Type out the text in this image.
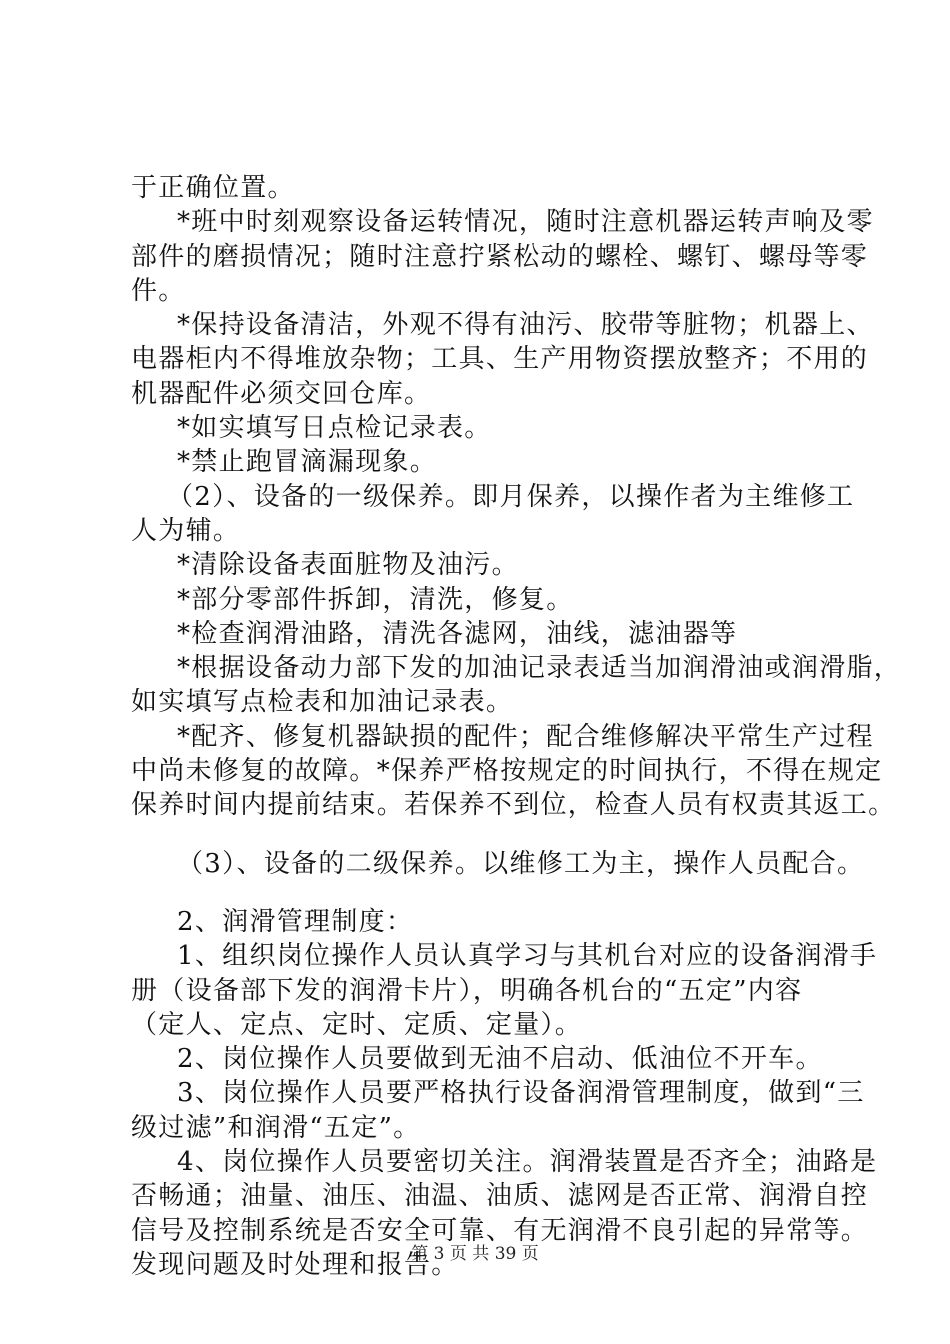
于正确位置。
*班中时刻观察设备运转情况，随时注意机器运转声响及零
部件的磨损情况；随时注意拧紧松动的螺栓、螺钉、螺母等零
件。
*保持设备清洁，外观不得有油污、胶带等脏物；机器上、
电器柜内不得堆放杂物；工具、生产用物资摆放整齐；不用的
机器配件必须交回仓库。
*如实填写日点检记录表。
*禁止跑冒滴漏现象。
（2）、设备的一级保养。即月保养，以操作者为主维修工
人为辅。
*清除设备表面脏物及油污。
*部分零部件拆卸，清洗，修复。
*检查润滑油路，清洗各滤网，油线，滤油器等
*根据设备动力部下发的加油记录表适当加润滑油或润滑脂，
如实填写点检表和加油记录表。
*配齐、修复机器缺损的配件；配合维修解决平常生产过程
中尚未修复的故障。*保养严格按规定的时间执行，不得在规定
保养时间内提前结束。若保养不到位，检查人员有权责其返工。
（3）、设备的二级保养。以维修工为主，操作人员配合。
2、润滑管理制度：
1、组织岗位操作人员认真学习与其机台对应的设备润滑手
册（设备部下发的润滑卡片），明确各机台的“五定”内容
（定人、定点、定时、定质、定量）。
2、岗位操作人员要做到无油不启动、低油位不开车。
3、岗位操作人员要严格执行设备润滑管理制度，做到“三
级过滤”和润滑“五定”。
4、岗位操作人员要密切关注。润滑装置是否齐全；油路是
否畅通；油量、油压、油温、油质、滤网是否正常、润滑自控
信号及控制系统是否安全可靠、有无润滑不良引起的异常等。
发现问题及时处理和报告。
第 3 页 共 39 页
